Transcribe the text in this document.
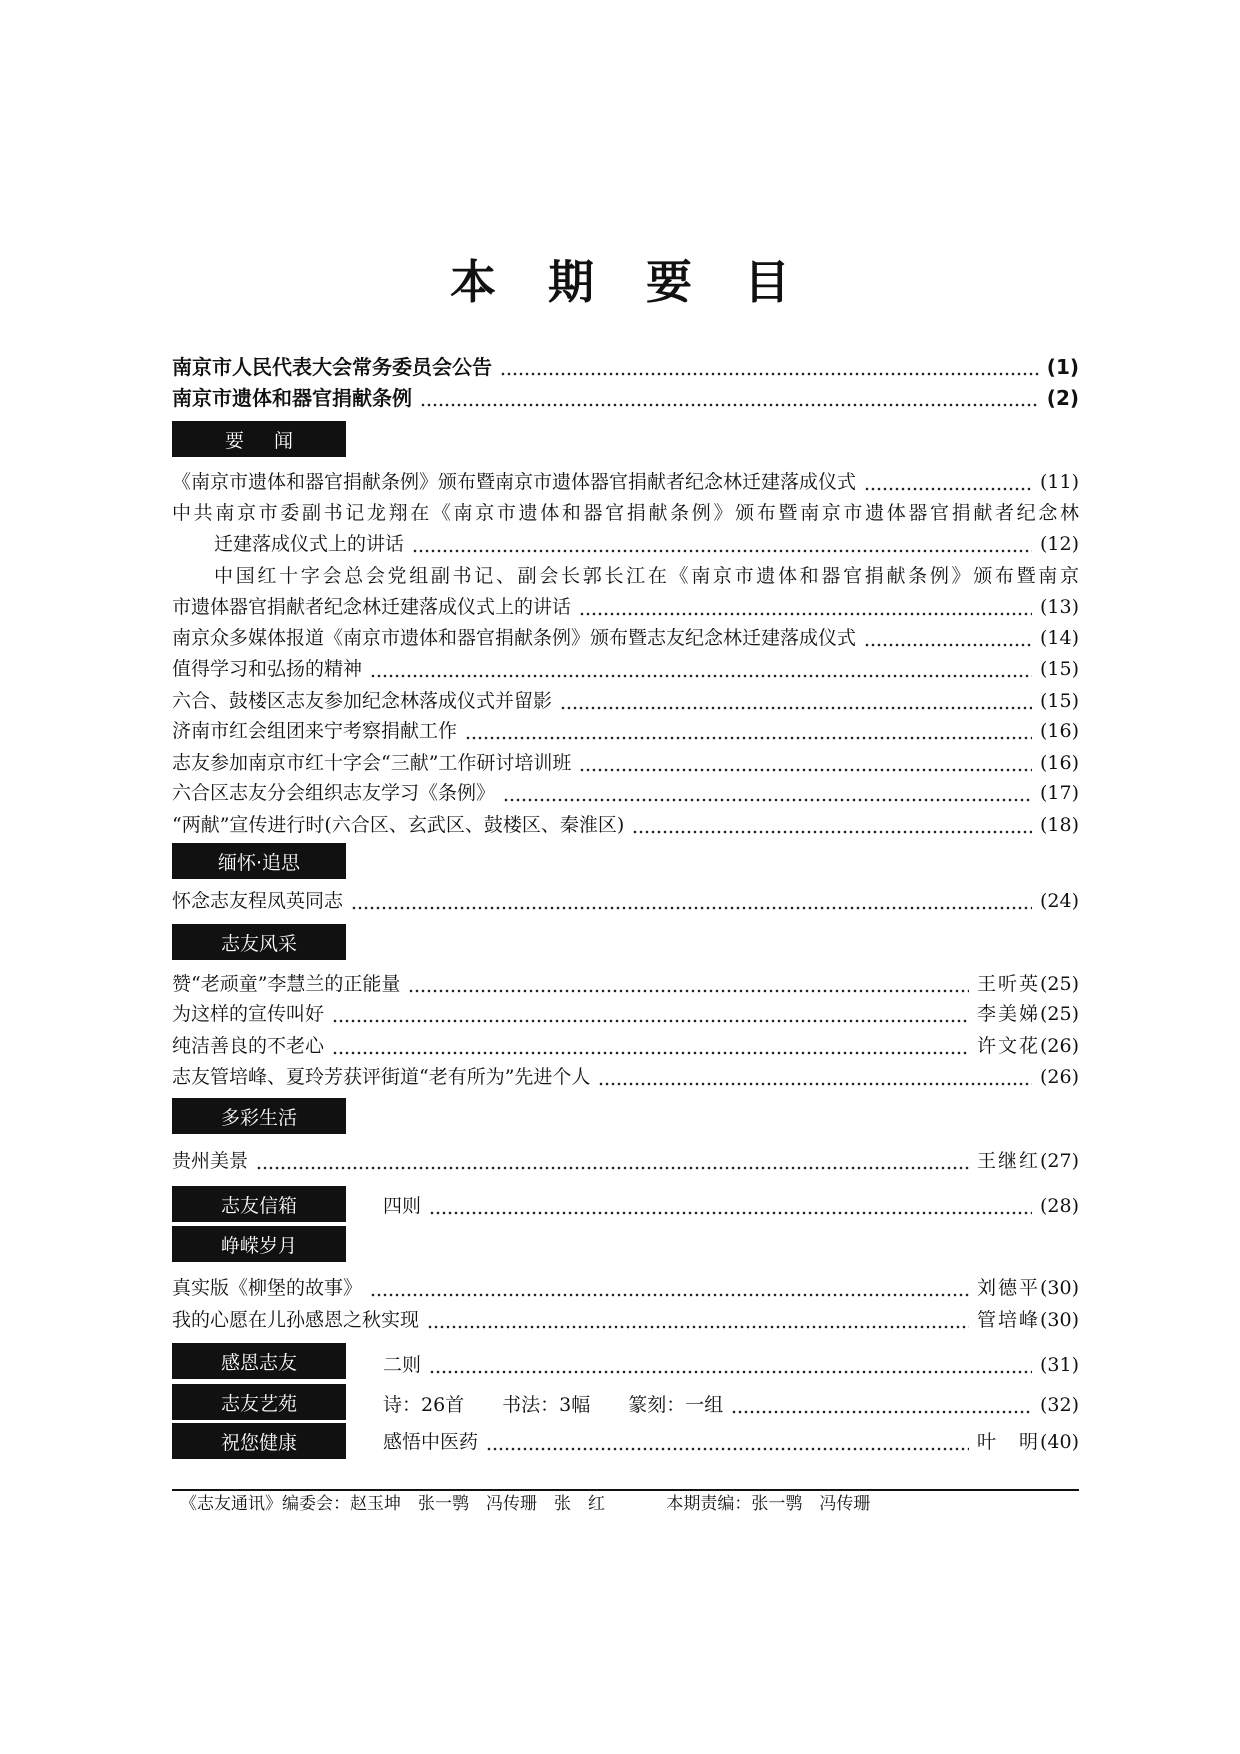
本期要目
南京市人民代表大会常务委员会公告	(1)
南京市遗体和器官捐献条例	(2)
要闻
《南京市遗体和器官捐献条例》颁布暨南京市遗体器官捐献者纪念林迁建落成仪式	(11)
中共南京市委副书记龙翔在《南京市遗体和器官捐献条例》颁布暨南京市遗体器官捐献者纪念林
迁建落成仪式上的讲话	(12)
中国红十字会总会党组副书记、副会长郭长江在《南京市遗体和器官捐献条例》颁布暨南京
市遗体器官捐献者纪念林迁建落成仪式上的讲话	(13)
南京众多媒体报道《南京市遗体和器官捐献条例》颁布暨志友纪念林迁建落成仪式	(14)
值得学习和弘扬的精神	(15)
六合、鼓楼区志友参加纪念林落成仪式并留影	(15)
济南市红会组团来宁考察捐献工作	(16)
志友参加南京市红十字会“三献”工作研讨培训班	(16)
六合区志友分会组织志友学习《条例》	(17)
“两献”宣传进行时(六合区、玄武区、鼓楼区、秦淮区)	(18)
缅怀·追思
怀念志友程凤英同志	(24)
志友风采
赞“老顽童”李慧兰的正能量	王听英 (25)
为这样的宣传叫好	李美娣 (25)
纯洁善良的不老心	许文花 (26)
志友管培峰、夏玲芳获评街道“老有所为”先进个人	(26)
多彩生活
贵州美景	王继红 (27)
志友信箱	四则	(28)
峥嵘岁月
真实版《柳堡的故事》	刘德平 (30)
我的心愿在儿孙感恩之秋实现	管培峰 (30)
感恩志友	二则	(31)
志友艺苑	诗：26首　　书法：3幅　　篆刻：一组	(32)
祝您健康	感悟中医药	叶　明 (40)
《志友通讯》编委会：赵玉坤　张一鹗　冯传珊　张　红	本期责编：张一鹗　冯传珊
